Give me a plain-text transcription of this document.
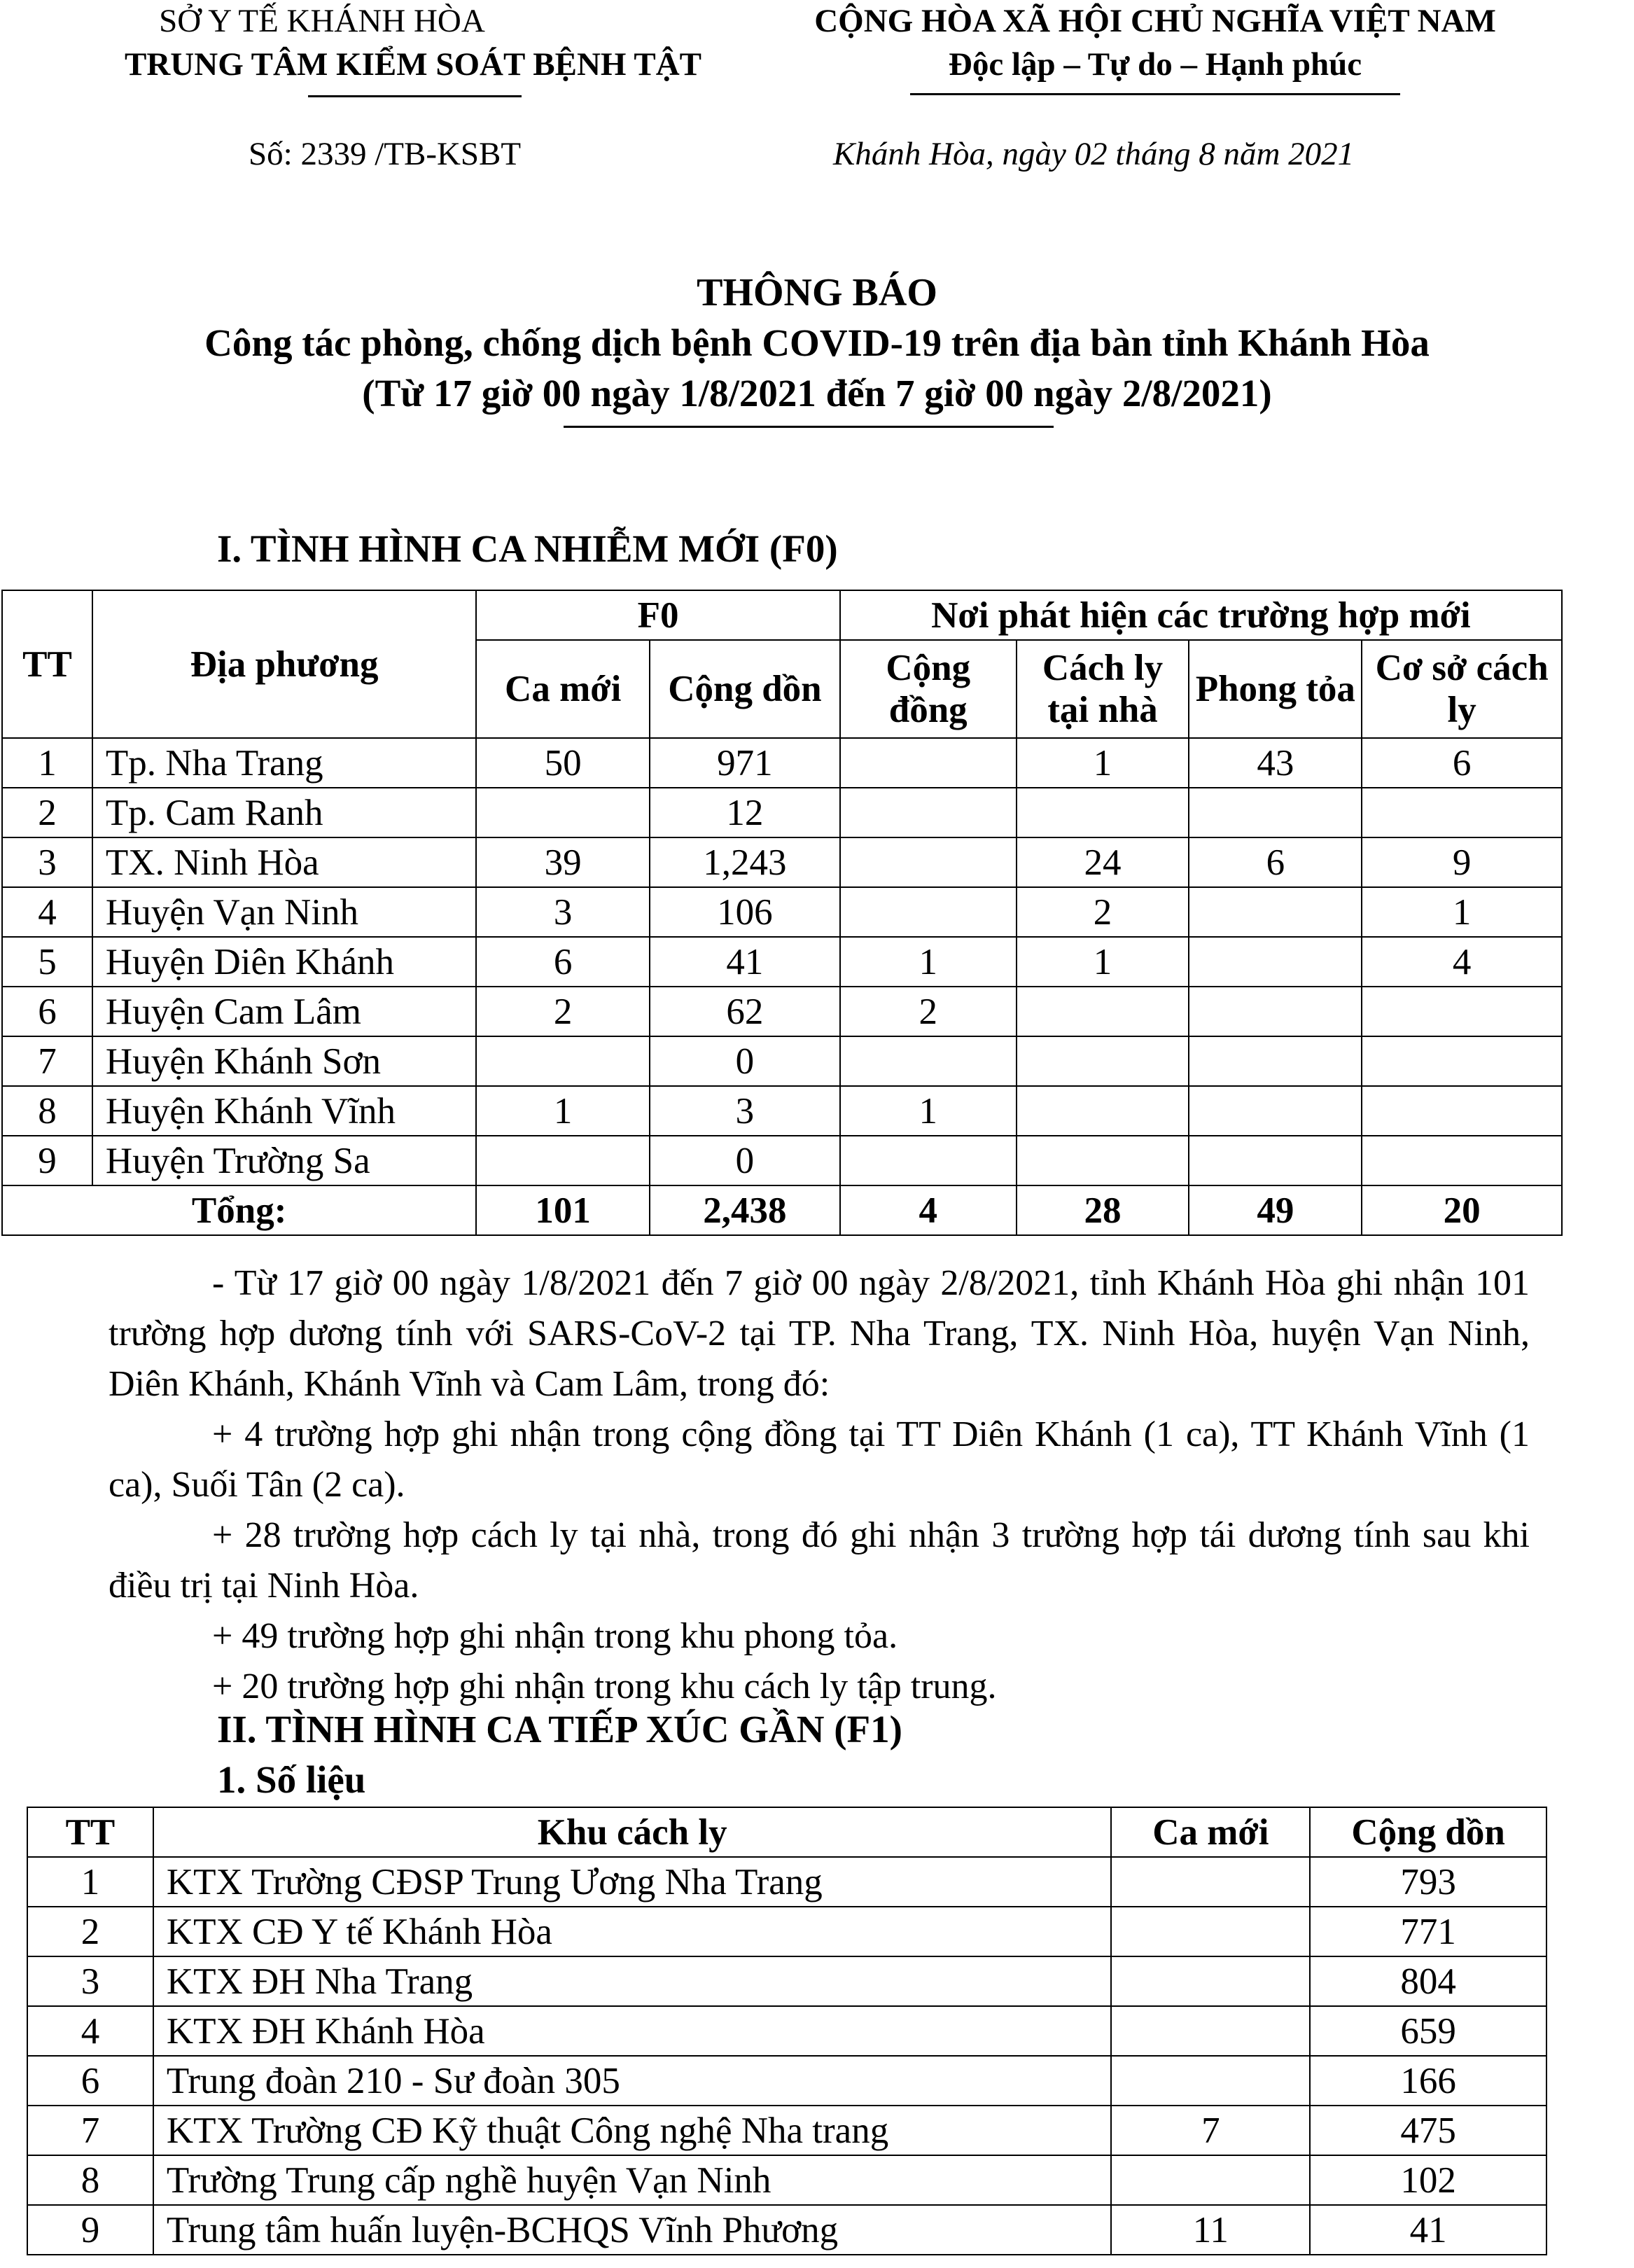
SỞ Y TẾ KHÁNH HÒA
TRUNG TÂM KIỂM SOÁT BỆNH TẬT
CỘNG HÒA XÃ HỘI CHỦ NGHĨA VIỆT NAM
Độc lập – Tự do – Hạnh phúc
Số: 2339 /TB-KSBT	Khánh Hòa, ngày 02 tháng 8 năm 2021
THÔNG BÁO
Công tác phòng, chống dịch bệnh COVID-19 trên địa bàn tỉnh Khánh Hòa
(Từ 17 giờ 00 ngày 1/8/2021 đến 7 giờ 00 ngày 2/8/2021)
I. TÌNH HÌNH CA NHIỄM MỚI (F0)
TT	Địa phương	F0		Nơi phát hiện các trường hợp mới			
		Ca mới	Cộng dồn	Cộng đồng	Cách ly tại nhà	Phong tỏa	Cơ sở cách ly
1	Tp. Nha Trang	50	971		1	43	6
2	Tp. Cam Ranh		12				
3	TX. Ninh Hòa	39	1,243		24	6	9
4	Huyện Vạn Ninh	3	106		2		1
5	Huyện Diên Khánh	6	41	1	1		4
6	Huyện Cam Lâm	2	62	2			
7	Huyện Khánh Sơn		0				
8	Huyện Khánh Vĩnh	1	3	1			
9	Huyện Trường Sa		0				
Tổng:		101	2,438	4	28	49	20

- Từ 17 giờ 00 ngày 1/8/2021 đến 7 giờ 00 ngày 2/8/2021, tỉnh Khánh Hòa ghi nhận 101 trường hợp dương tính với SARS-CoV-2 tại TP. Nha Trang, TX. Ninh Hòa, huyện Vạn Ninh, Diên Khánh, Khánh Vĩnh và Cam Lâm, trong đó:

+ 4 trường hợp ghi nhận trong cộng đồng tại TT Diên Khánh (1 ca), TT Khánh Vĩnh (1 ca), Suối Tân (2 ca).

+ 28 trường hợp cách ly tại nhà, trong đó ghi nhận 3 trường hợp tái dương tính sau khi điều trị tại Ninh Hòa.

+ 49 trường hợp ghi nhận trong khu phong tỏa.

+ 20 trường hợp ghi nhận trong khu cách ly tập trung.

II. TÌNH HÌNH CA TIẾP XÚC GẦN (F1)
1. Số liệu
TT	Khu cách ly	Ca mới	Cộng dồn
1	KTX Trường CĐSP Trung Ương Nha Trang		793
2	KTX CĐ Y tế Khánh Hòa		771
3	KTX ĐH Nha Trang		804
4	KTX ĐH Khánh Hòa		659
6	Trung đoàn 210 - Sư đoàn 305		166
7	KTX Trường CĐ Kỹ thuật Công nghệ Nha trang	7	475
8	Trường Trung cấp nghề huyện Vạn Ninh		102
9	Trung tâm huấn luyện-BCHQS Vĩnh Phương	11	41
